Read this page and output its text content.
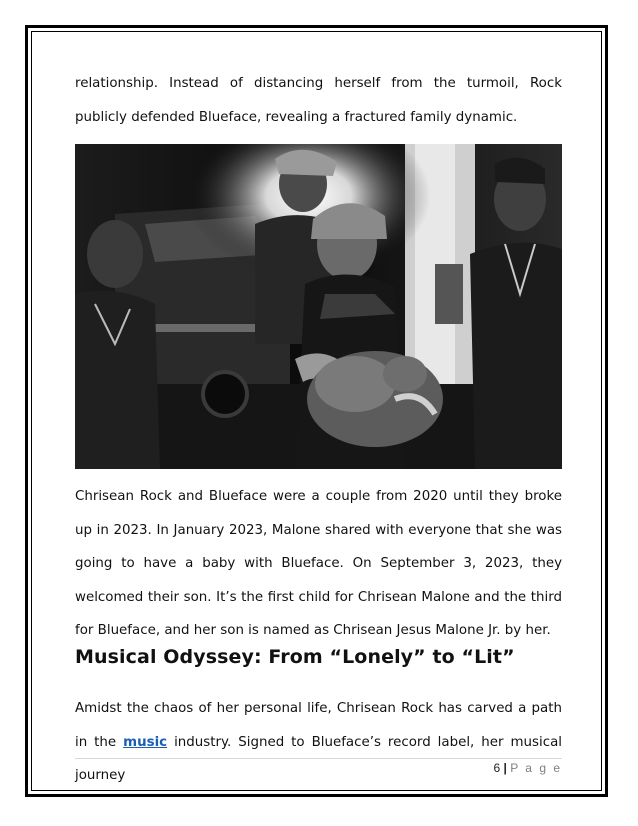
relationship. Instead of distancing herself from the turmoil, Rock publicly defended Blueface, revealing a fractured family dynamic.

Chrisean Rock and Blueface were a couple from 2020 until they broke up in 2023. In January 2023, Malone shared with everyone that she was going to have a baby with Blueface. On September 3, 2023, they welcomed their son. It’s the first child for Chrisean Malone and the third for Blueface, and her son is named as Chrisean Jesus Malone Jr. by her.

Musical Odyssey: From “Lonely” to “Lit”

Amidst the chaos of her personal life, Chrisean Rock has carved a path in the music industry. Signed to Blueface’s record label, her musical journey	6 | P a g e
